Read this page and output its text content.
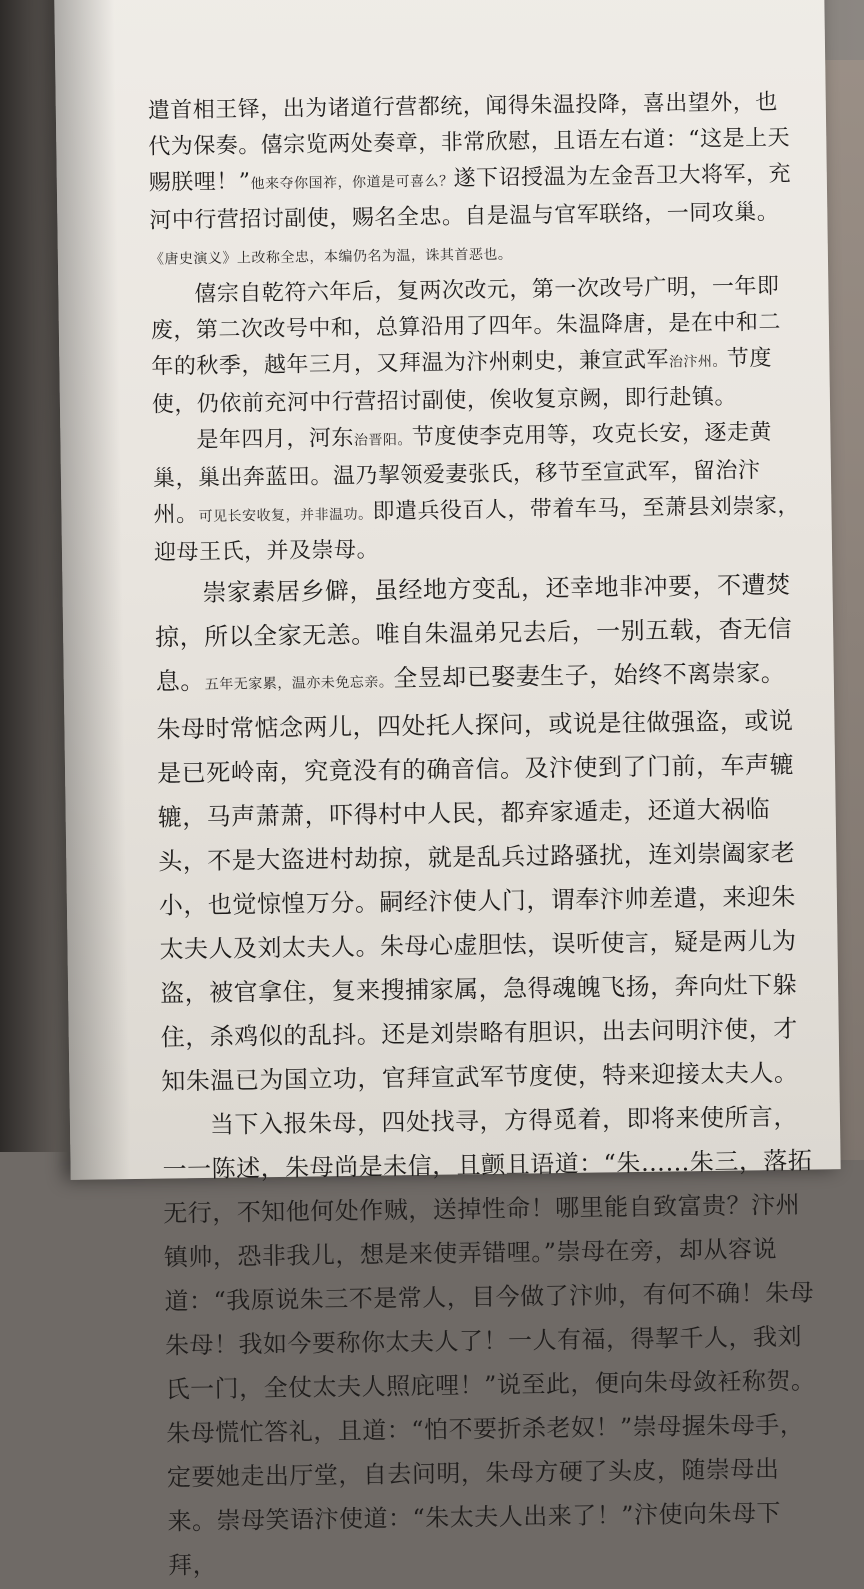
遣首相王铎，出为诸道行营都统，闻得朱温投降，喜出望外，也代为保奏。僖宗览两处奏章，非常欣慰，且语左右道：“这是上天赐朕哩！”他来夺你国祚，你道是可喜么？遂下诏授温为左金吾卫大将军，充河中行营招讨副使，赐名全忠。自是温与官军联络，一同攻巢。《唐史演义》上改称全忠，本编仍名为温，诛其首恶也。

僖宗自乾符六年后，复两次改元，第一次改号广明，一年即废，第二次改号中和，总算沿用了四年。朱温降唐，是在中和二年的秋季，越年三月，又拜温为汴州刺史，兼宣武军治汴州。节度使，仍依前充河中行营招讨副使，俟收复京阙，即行赴镇。

是年四月，河东治晋阳。节度使李克用等，攻克长安，逐走黄巢，巢出奔蓝田。温乃挈领爱妻张氏，移节至宣武军，留治汴州。可见长安收复，并非温功。即遣兵役百人，带着车马，至萧县刘崇家，迎母王氏，并及崇母。

崇家素居乡僻，虽经地方变乱，还幸地非冲要，不遭焚掠，所以全家无恙。唯自朱温弟兄去后，一别五载，杳无信息。五年无家累，温亦未免忘亲。全昱却已娶妻生子，始终不离崇家。朱母时常惦念两儿，四处托人探问，或说是往做强盗，或说是已死岭南，究竟没有的确音信。及汴使到了门前，车声辘辘，马声萧萧，吓得村中人民，都弃家遁走，还道大祸临头，不是大盗进村劫掠，就是乱兵过路骚扰，连刘崇阖家老小，也觉惊惶万分。嗣经汴使人门，谓奉汴帅差遣，来迎朱太夫人及刘太夫人。朱母心虚胆怯，误听使言，疑是两儿为盗，被官拿住，复来搜捕家属，急得魂魄飞扬，奔向灶下躲住，杀鸡似的乱抖。还是刘崇略有胆识，出去问明汴使，才知朱温已为国立功，官拜宣武军节度使，特来迎接太夫人。

当下入报朱母，四处找寻，方得觅着，即将来使所言，一一陈述，朱母尚是未信，且颤且语道：“朱……朱三，落拓无行，不知他何处作贼，送掉性命！哪里能自致富贵？汴州镇帅，恐非我儿，想是来使弄错哩。”崇母在旁，却从容说道：“我原说朱三不是常人，目今做了汴帅，有何不确！朱母朱母！我如今要称你太夫人了！一人有福，得挈千人，我刘氏一门，全仗太夫人照庇哩！”说至此，便向朱母敛衽称贺。朱母慌忙答礼，且道：“怕不要折杀老奴！”崇母握朱母手，定要她走出厅堂，自去问明，朱母方硬了头皮，随崇母出来。崇母笑语汴使道：“朱太夫人出来了！”汴使向朱母下拜，
